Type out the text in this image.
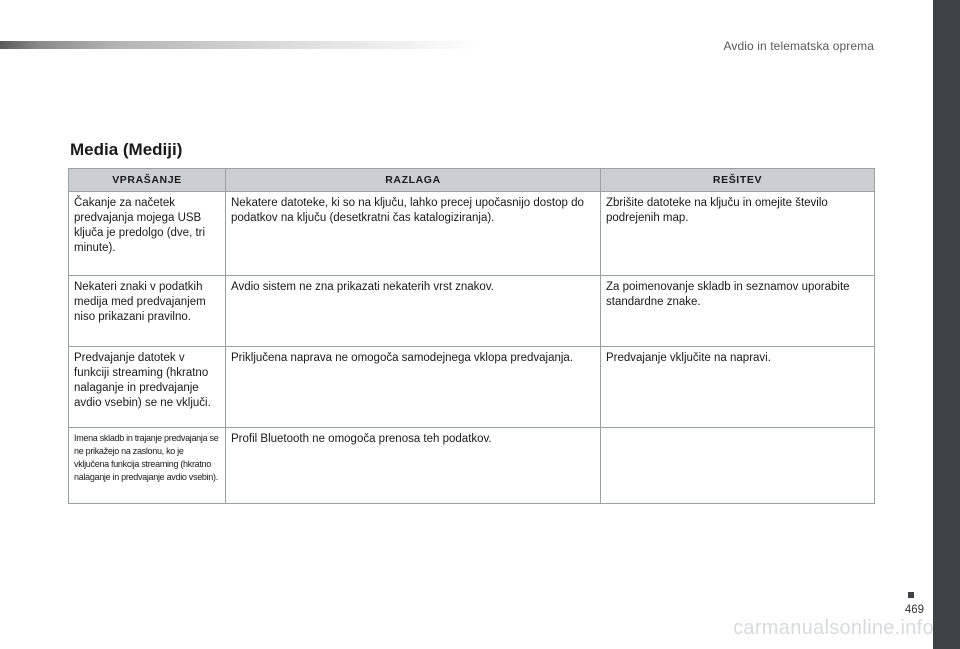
Avdio in telematska oprema
Media (Mediji)
VPRAŠANJE	RAZLAGA	REŠITEV
Čakanje za načetek predvajanja mojega USB ključa je predolgo (dve, tri minute).	Nekatere datoteke, ki so na ključu, lahko precej upočasnijo dostop do podatkov na ključu (desetkratni čas katalogiziranja).	Zbrišite datoteke na ključu in omejite število podrejenih map.
Nekateri znaki v podatkih medija med predvajanjem niso prikazani pravilno.	Avdio sistem ne zna prikazati nekaterih vrst znakov.	Za poimenovanje skladb in seznamov uporabite standardne znake.
Predvajanje datotek v funkciji streaming (hkratno nalaganje in predvajanje avdio vsebin) se ne vključi.	Priključena naprava ne omogoča samodejnega vklopa predvajanja.	Predvajanje vključite na napravi.
Imena skladb in trajanje predvajanja se ne prikažejo na zaslonu, ko je vključena funkcija streaming (hkratno nalaganje in predvajanje avdio vsebin).	Profil Bluetooth ne omogoča prenosa teh podatkov.	
469
carmanualsonline.info
